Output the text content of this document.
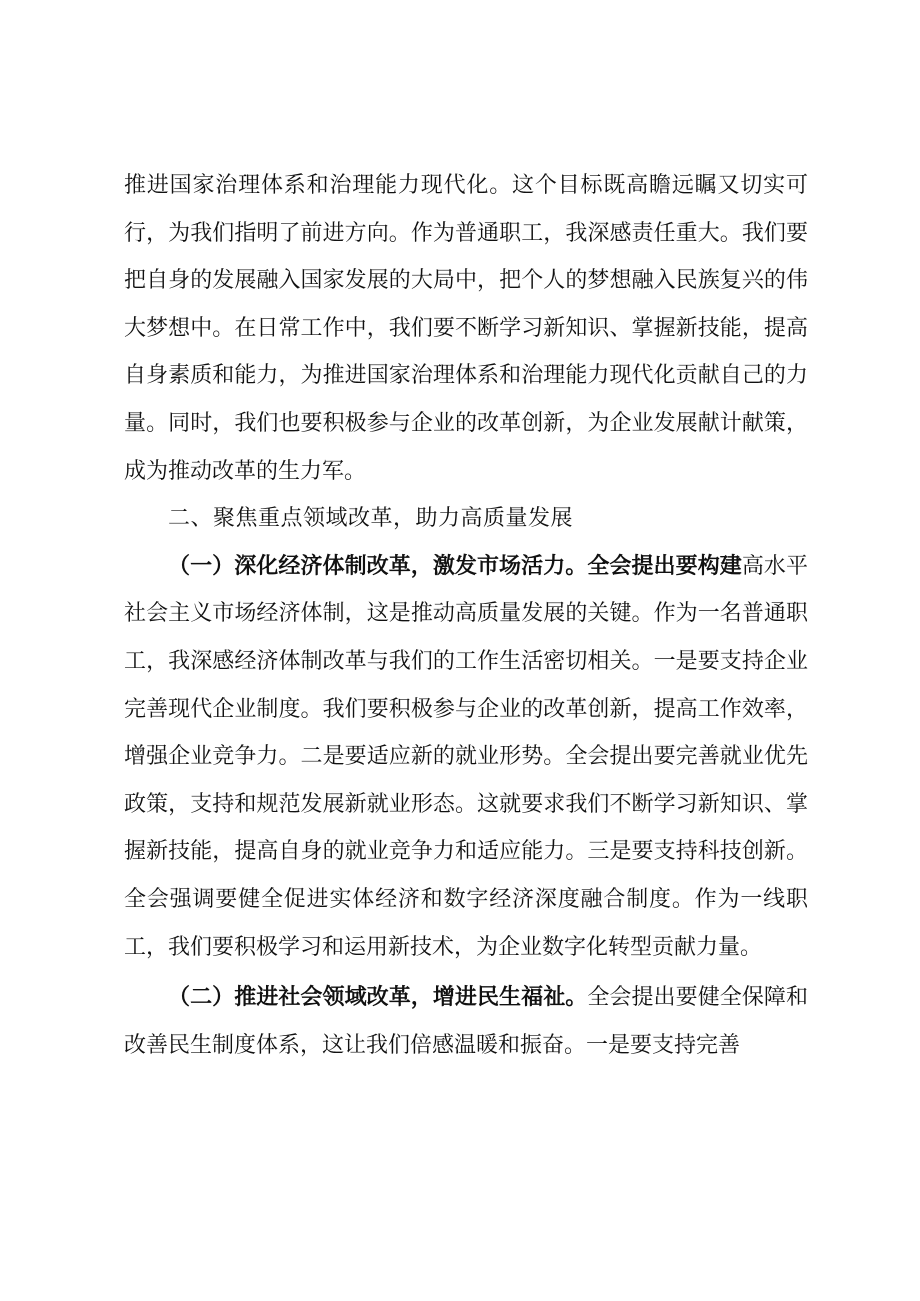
推进国家治理体系和治理能力现代化。这个目标既高瞻远瞩又切实可行，为我们指明了前进方向。作为普通职工，我深感责任重大。我们要把自身的发展融入国家发展的大局中，把个人的梦想融入民族复兴的伟大梦想中。在日常工作中，我们要不断学习新知识、掌握新技能，提高自身素质和能力，为推进国家治理体系和治理能力现代化贡献自己的力量。同时，我们也要积极参与企业的改革创新，为企业发展献计献策，成为推动改革的生力军。

二、聚焦重点领域改革，助力高质量发展

（一）深化经济体制改革，激发市场活力。全会提出要构建高水平社会主义市场经济体制，这是推动高质量发展的关键。作为一名普通职工，我深感经济体制改革与我们的工作生活密切相关。一是要支持企业完善现代企业制度。我们要积极参与企业的改革创新，提高工作效率，增强企业竞争力。二是要适应新的就业形势。全会提出要完善就业优先政策，支持和规范发展新就业形态。这就要求我们不断学习新知识、掌握新技能，提高自身的就业竞争力和适应能力。三是要支持科技创新。全会强调要健全促进实体经济和数字经济深度融合制度。作为一线职工，我们要积极学习和运用新技术，为企业数字化转型贡献力量。

（二）推进社会领域改革，增进民生福祉。全会提出要健全保障和改善民生制度体系，这让我们倍感温暖和振奋。一是要支持完善
